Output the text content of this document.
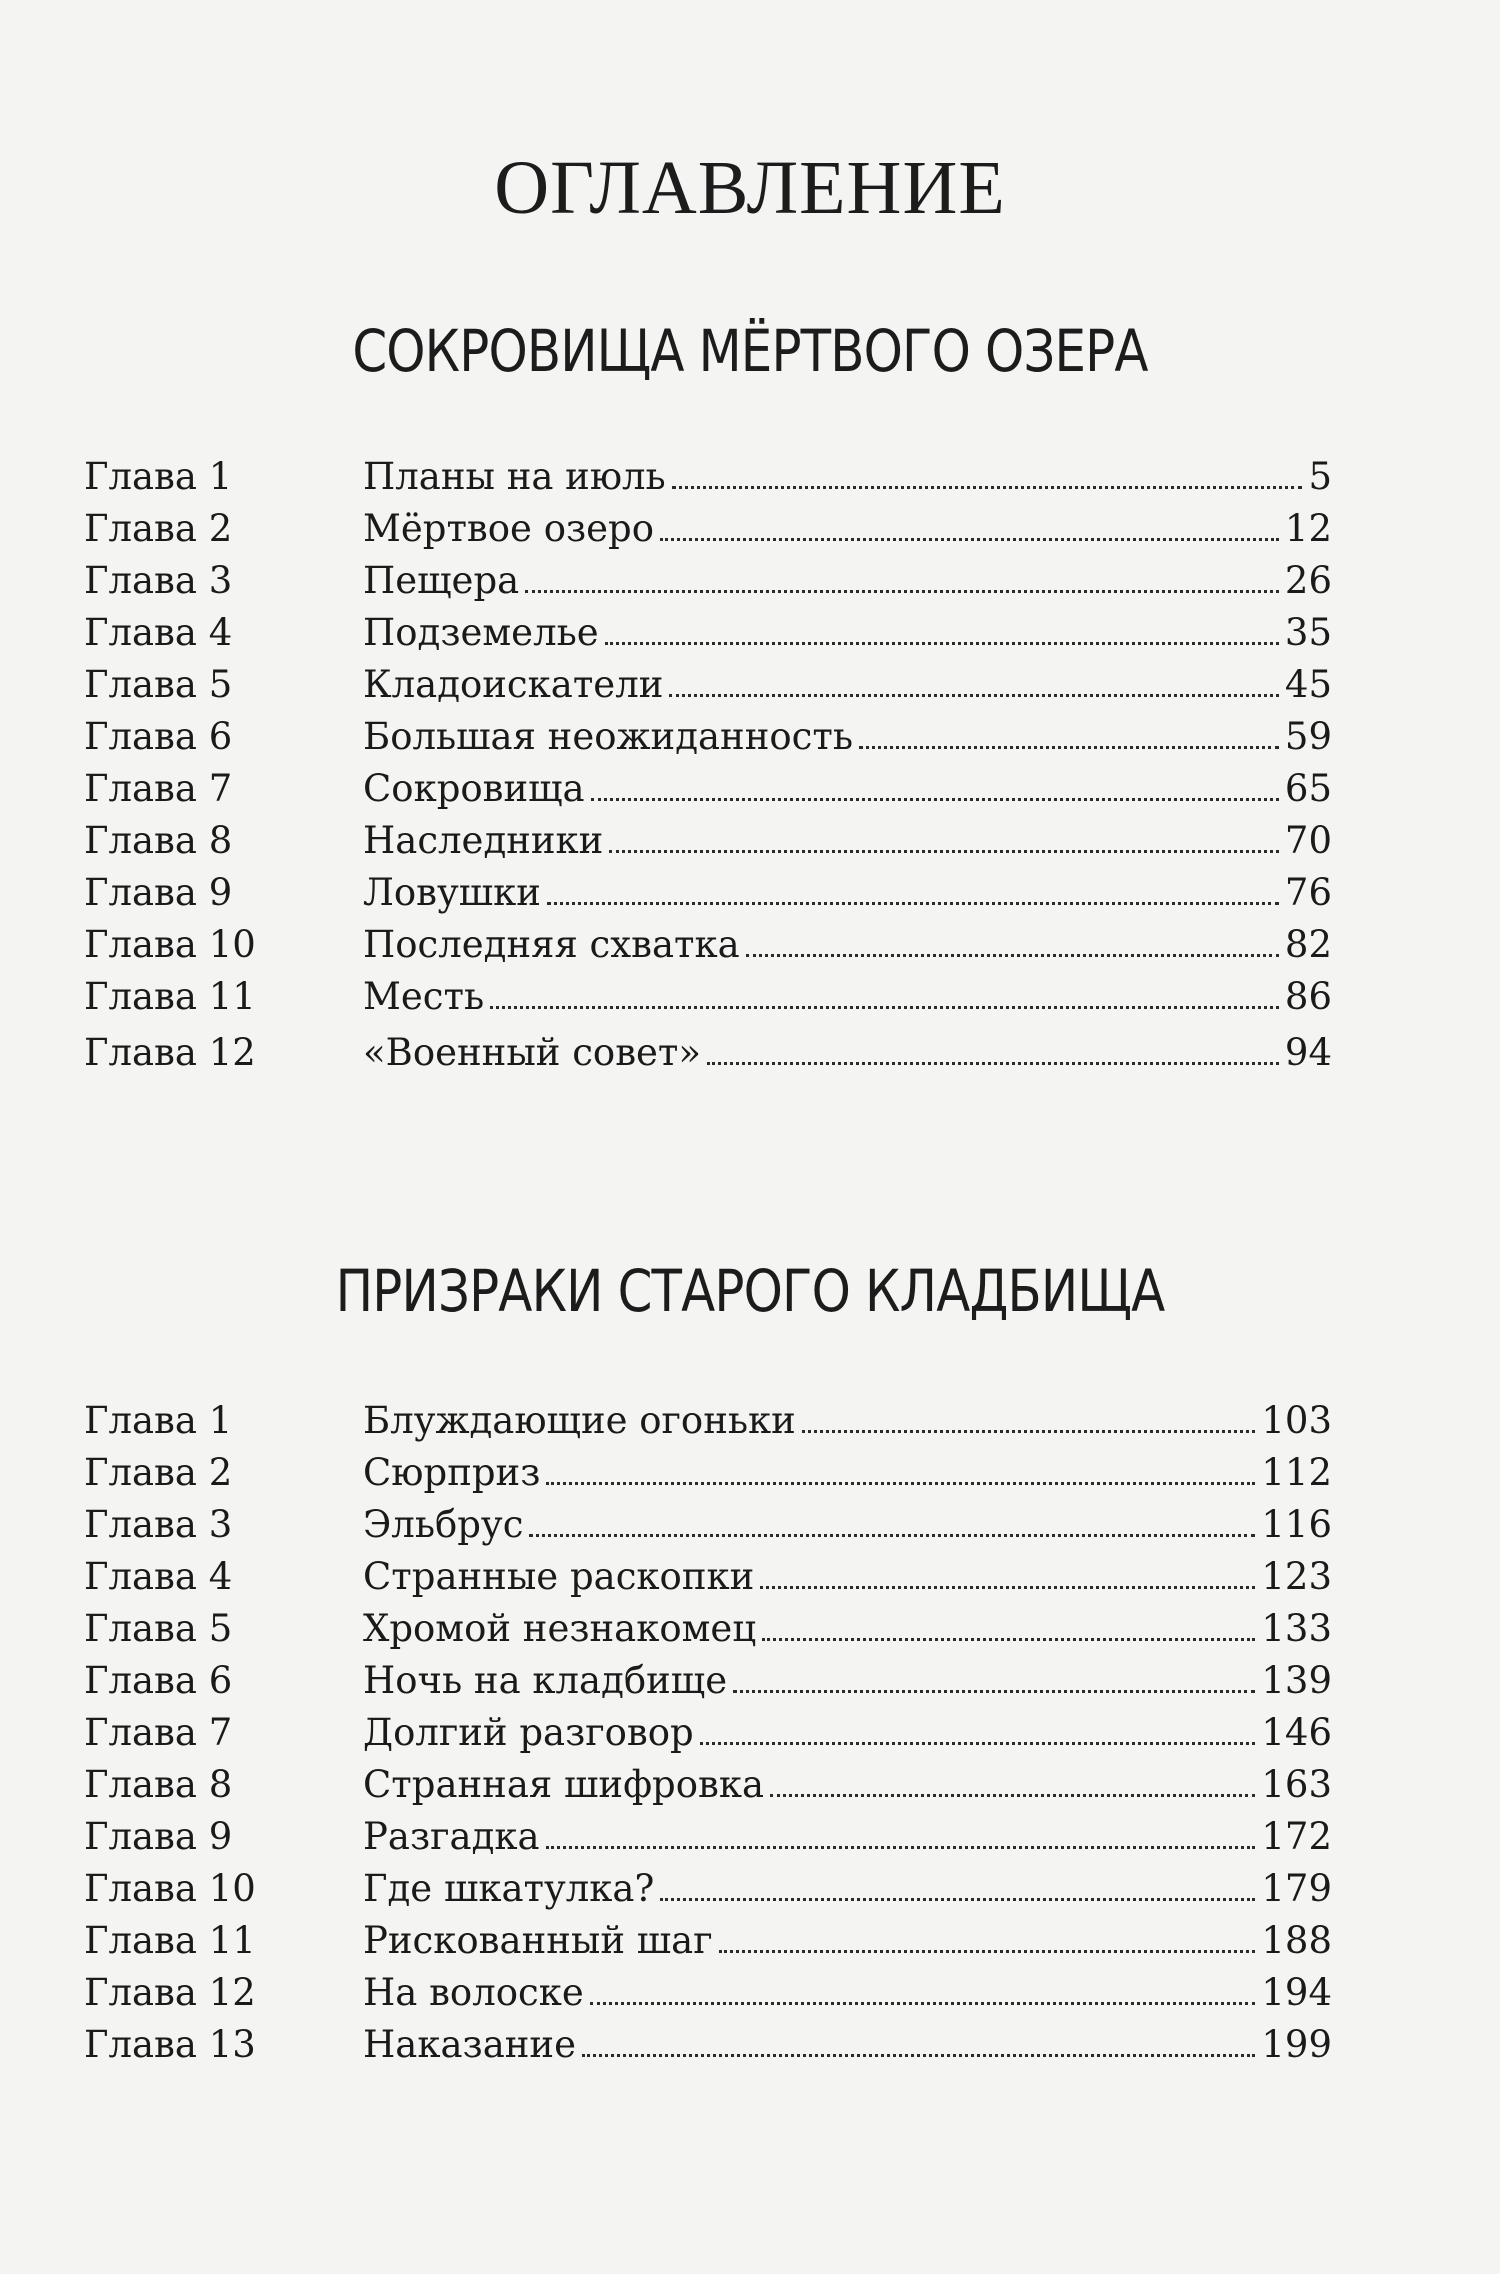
ОГЛАВЛЕНИЕ
СОКРОВИЩА МЁРТВОГО ОЗЕРА
Глава 1	Планы на июль	5
Глава 2	Мёртвое озеро	12
Глава 3	Пещера	26
Глава 4	Подземелье	35
Глава 5	Кладоискатели	45
Глава 6	Большая неожиданность	59
Глава 7	Сокровища	65
Глава 8	Наследники	70
Глава 9	Ловушки	76
Глава 10	Последняя схватка	82
Глава 11	Месть	86
Глава 12	«Военный совет»	94
ПРИЗРАКИ СТАРОГО КЛАДБИЩА
Глава 1	Блуждающие огоньки	103
Глава 2	Сюрприз	112
Глава 3	Эльбрус	116
Глава 4	Странные раскопки	123
Глава 5	Хромой незнакомец	133
Глава 6	Ночь на кладбище	139
Глава 7	Долгий разговор	146
Глава 8	Странная шифровка	163
Глава 9	Разгадка	172
Глава 10	Где шкатулка?	179
Глава 11	Рискованный шаг	188
Глава 12	На волоске	194
Глава 13	Наказание	199
